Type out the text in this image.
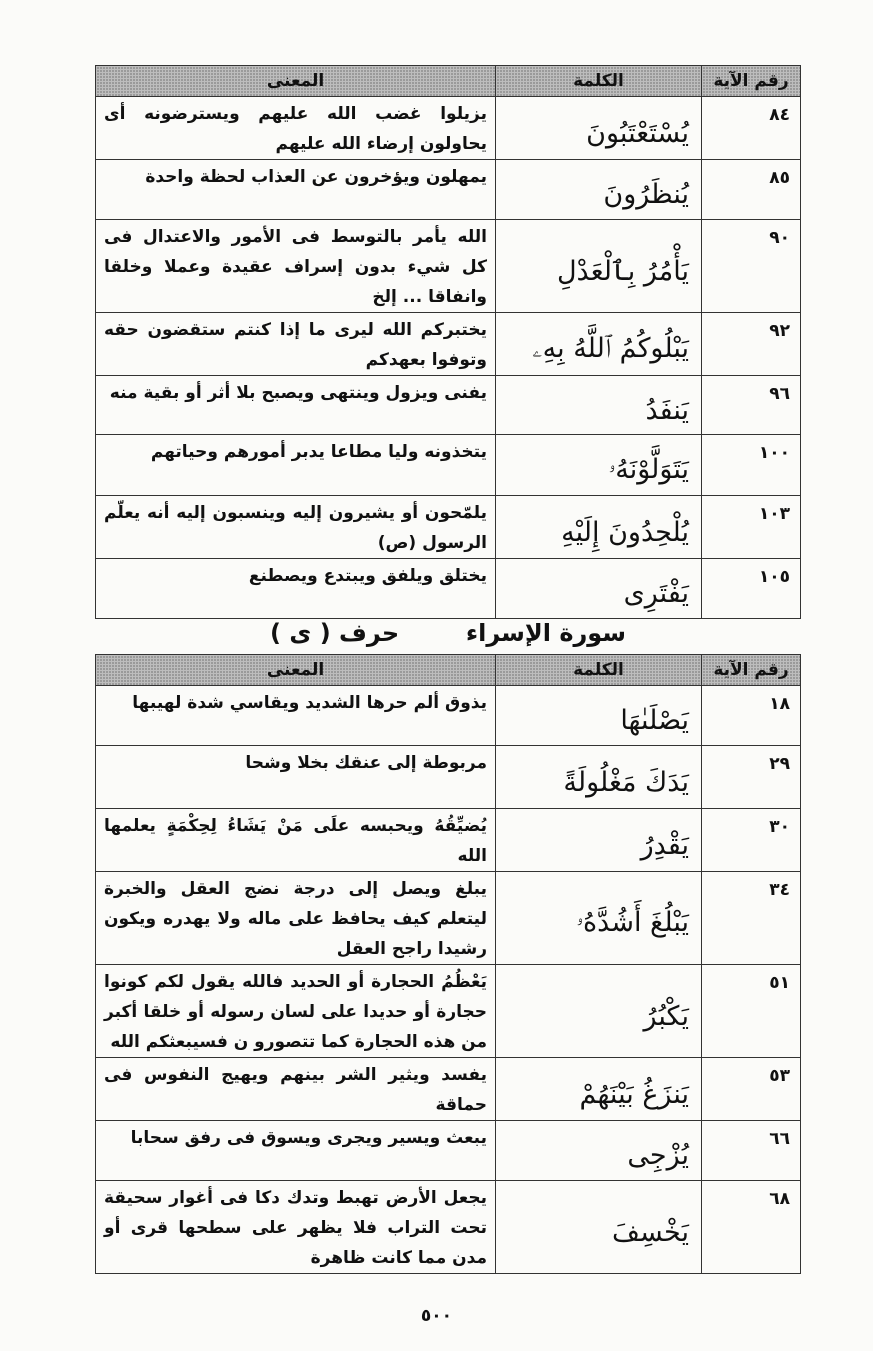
رقم الآية	الكلمة	المعنى
٨٤	يُسْتَعْتَبُونَ	يزيلوا غضب الله عليهم ويسترضونه أى يحاولون إرضاء الله عليهم
٨٥	يُنظَرُونَ	يمهلون ويؤخرون عن العذاب لحظة واحدة
٩٠	يَأْمُرُ بِٱلْعَدْلِ	الله يأمر بالتوسط فى الأمور والاعتدال فى كل شيء بدون إسراف عقيدة وعملا وخلقا وانفاقا ... إلخ
٩٢	يَبْلُوكُمُ ٱللَّهُ بِهِۦ	يختبركم الله ليرى ما إذا كنتم ستقضون حقه وتوفوا بعهدكم
٩٦	يَنفَدُ	يفنى ويزول وينتهى ويصبح بلا أثر أو بقية منه
١٠٠	يَتَوَلَّوْنَهُۥ	يتخذونه وليا مطاعا يدبر أمورهم وحياتهم
١٠٣	يُلْحِدُونَ إِلَيْهِ	يلمّحون أو يشيرون إليه وينسبون إليه أنه يعلّم الرسول (ص)
١٠٥	يَفْتَرِى	يختلق ويلفق ويبتدع ويصطنع
سورة الإسراء  حرف ( ى )
رقم الآية	الكلمة	المعنى
١٨	يَصْلَىٰهَا	يذوق ألم حرها الشديد ويقاسي شدة لهيبها
٢٩	يَدَكَ مَغْلُولَةً	مربوطة إلى عنقك بخلا وشحا
٣٠	يَقْدِرُ	يُضيِّقُهُ ويحبسه علَى مَنْ يَشَاءُ لِحِكْمَةٍ يعلمها الله
٣٤	يَبْلُغَ أَشُدَّهُۥ	يبلغ ويصل إلى درجة نضج العقل والخبرة ليتعلم كيف يحافظ على ماله ولا يهدره ويكون رشيدا راجح العقل
٥١	يَكْبُرُ	يَعْظُمُ الحجارة أو الحديد فالله يقول لكم كونوا حجارة أو حديدا على لسان رسوله أو خلقا أكبر من هذه الحجارة كما تتصورو ن فسيبعثكم الله
٥٣	يَنزَغُ بَيْنَهُمْ	يفسد ويثير الشر بينهم ويهيج النفوس فى حماقة
٦٦	يُزْجِى	يبعث ويسير ويجرى ويسوق فى رفق سحابا
٦٨	يَخْسِفَ	يجعل الأرض تهبط وتدك دكا فى أغوار سحيقة تحت التراب فلا يظهر على سطحها قرى أو مدن مما كانت ظاهرة
٥٠٠
